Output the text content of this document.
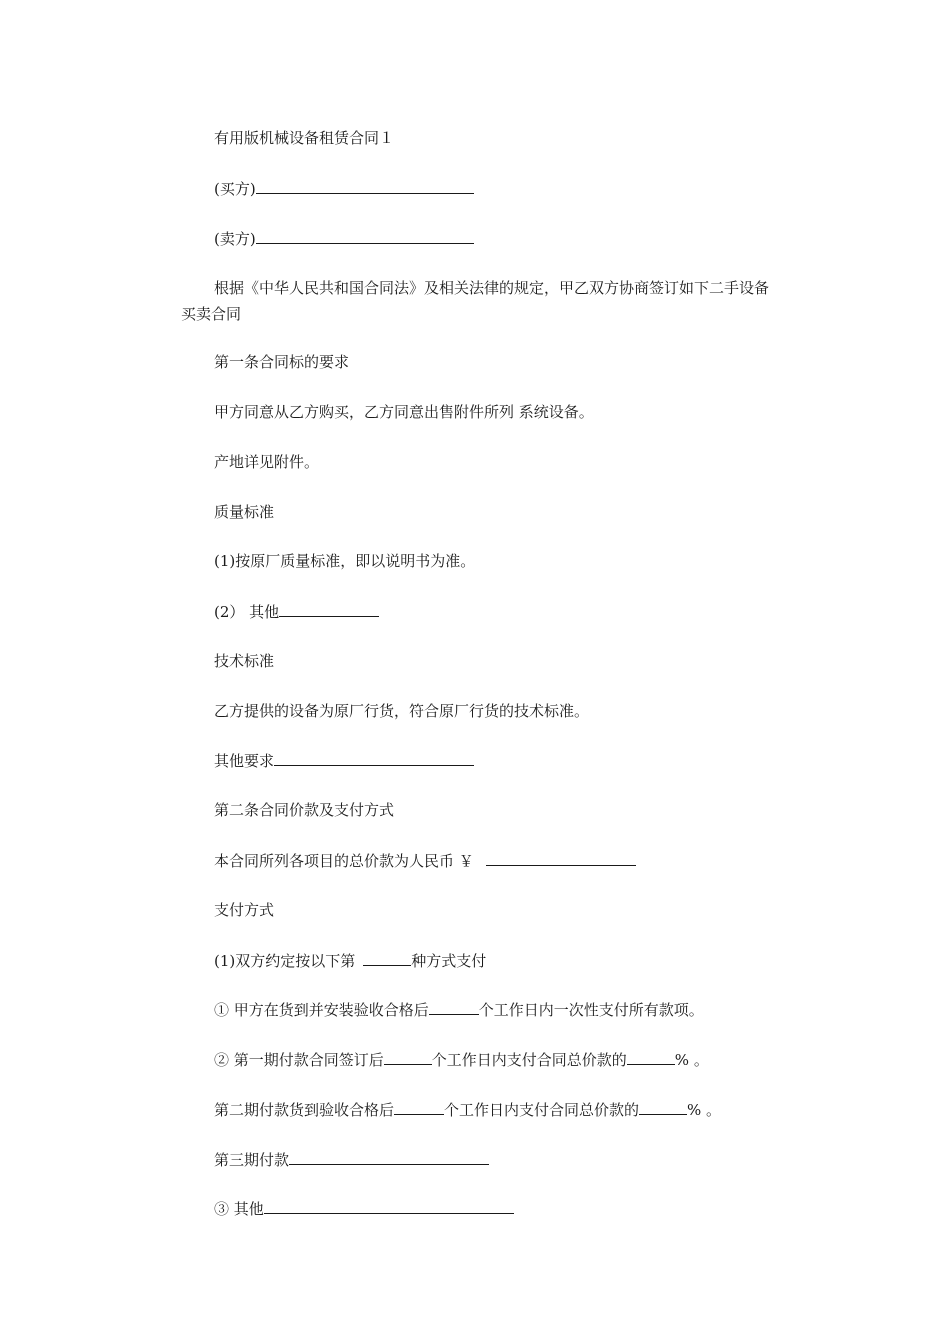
有用版机械设备租赁合同１
(买方)
(卖方)
根据《中华人民共和国合同法》及相关法律的规定，甲乙双方协商签订如下二手设备买卖合同
第一条合同标的要求
甲方同意从乙方购买，乙方同意出售附件所列 系统设备。
产地详见附件。
质量标准
(1)按原厂质量标准，即以说明书为准。
(2） 其他
技术标准
乙方提供的设备为原厂行货，符合原厂行货的技术标准。
其他要求
第二条合同价款及支付方式
本合同所列各项目的总价款为人民币 ￥
支付方式
(1)双方约定按以下第	种方式支付
① 甲方在货到并安装验收合格后	个工作日内一次性支付所有款项。
② 第一期付款合同签订后	个工作日内支付合同总价款的	% 。
第二期付款货到验收合格后	个工作日内支付合同总价款的	% 。
第三期付款
③ 其他
